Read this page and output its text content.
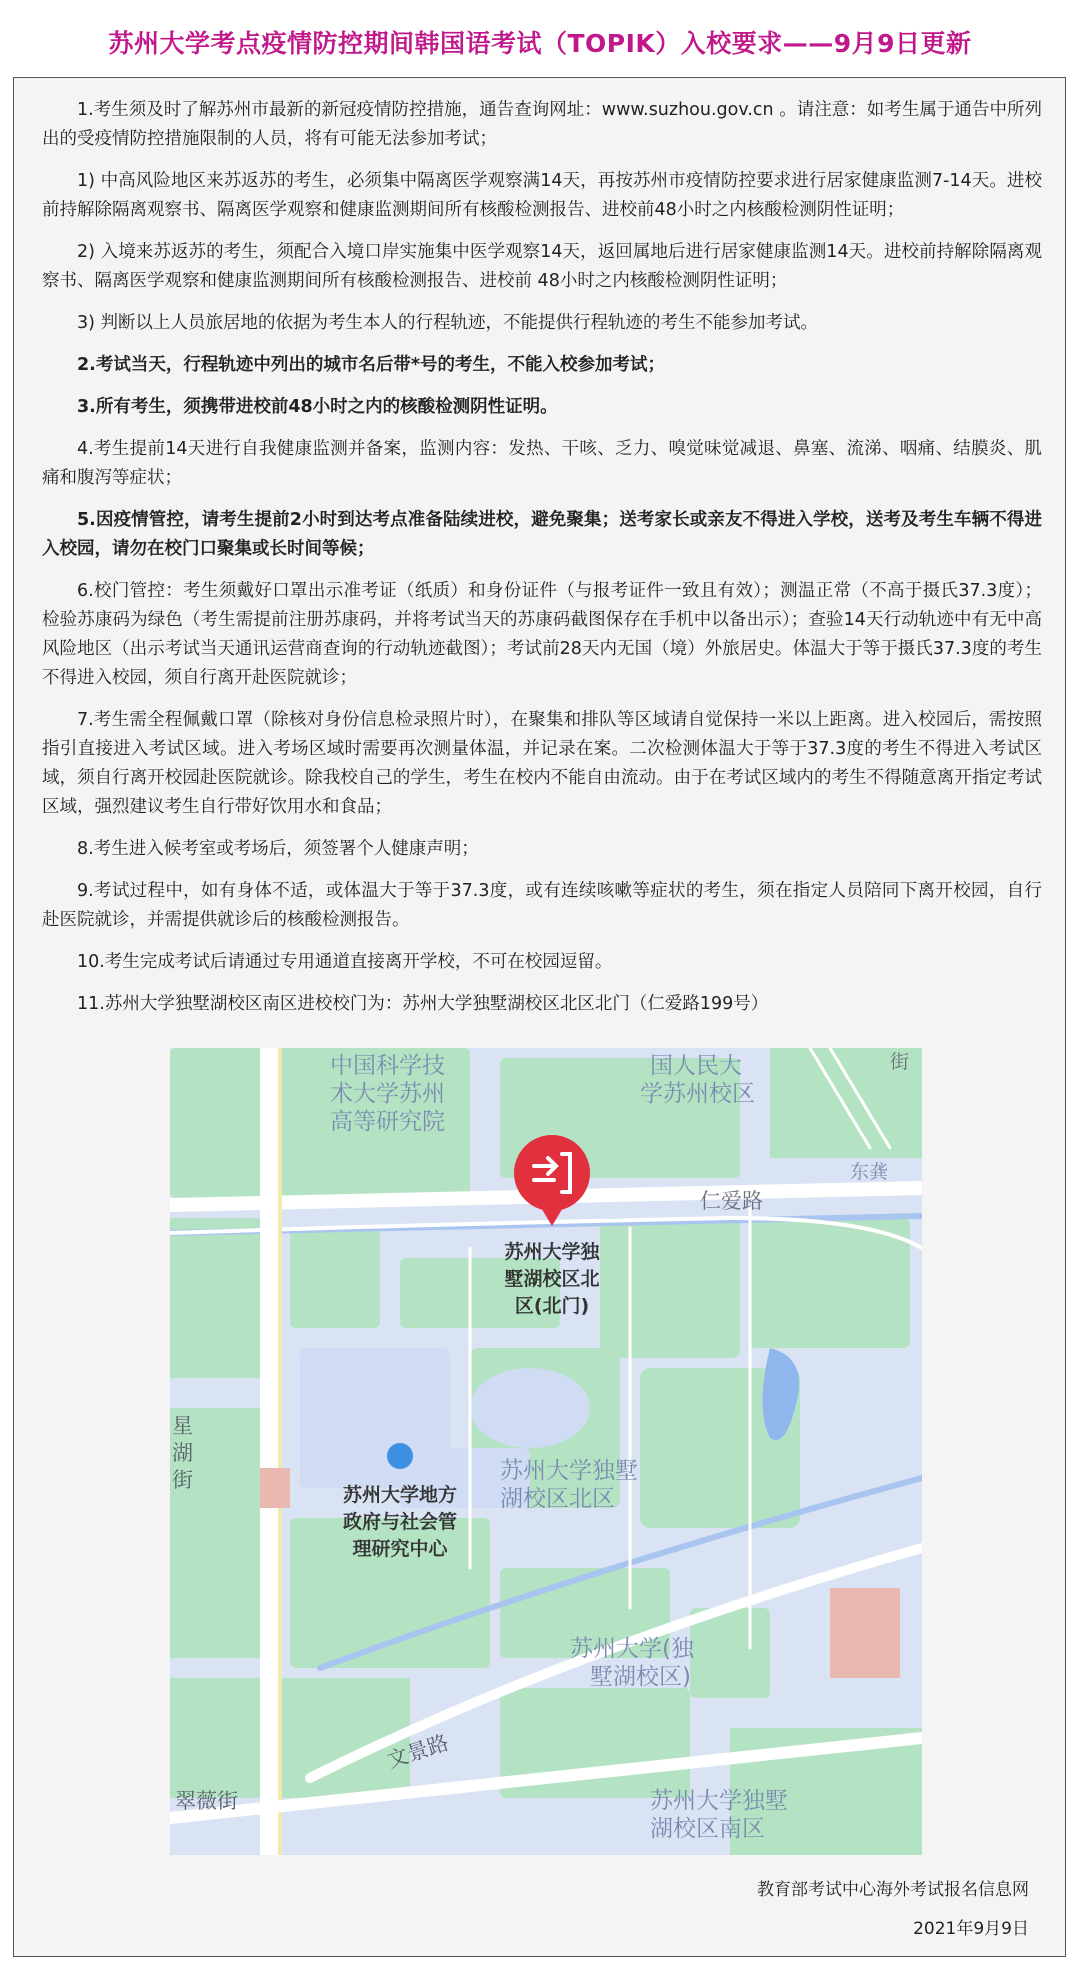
苏州大学考点疫情防控期间韩国语考试（TOPIK）入校要求——9月9日更新

1.考生须及时了解苏州市最新的新冠疫情防控措施，通告查询网址：www.suzhou.gov.cn 。请注意：如考生属于通告中所列出的受疫情防控措施限制的人员，将有可能无法参加考试；

1) 中高风险地区来苏返苏的考生，必须集中隔离医学观察满14天，再按苏州市疫情防控要求进行居家健康监测7-14天。进校前持解除隔离观察书、隔离医学观察和健康监测期间所有核酸检测报告、进校前48小时之内核酸检测阴性证明；

2) 入境来苏返苏的考生，须配合入境口岸实施集中医学观察14天，返回属地后进行居家健康监测14天。进校前持解除隔离观察书、隔离医学观察和健康监测期间所有核酸检测报告、进校前 48小时之内核酸检测阴性证明；

3) 判断以上人员旅居地的依据为考生本人的行程轨迹，不能提供行程轨迹的考生不能参加考试。

2.考试当天，行程轨迹中列出的城市名后带*号的考生，不能入校参加考试；

3.所有考生，须携带进校前48小时之内的核酸检测阴性证明。

4.考生提前14天进行自我健康监测并备案，监测内容：发热、干咳、乏力、嗅觉味觉减退、鼻塞、流涕、咽痛、结膜炎、肌痛和腹泻等症状；

5.因疫情管控，请考生提前2小时到达考点准备陆续进校，避免聚集；送考家长或亲友不得进入学校，送考及考生车辆不得进入校园，请勿在校门口聚集或长时间等候；

6.校门管控：考生须戴好口罩出示准考证（纸质）和身份证件（与报考证件一致且有效）；测温正常（不高于摄氏37.3度）；检验苏康码为绿色（考生需提前注册苏康码，并将考试当天的苏康码截图保存在手机中以备出示）；查验14天行动轨迹中有无中高风险地区（出示考试当天通讯运营商查询的行动轨迹截图）；考试前28天内无国（境）外旅居史。体温大于等于摄氏37.3度的考生不得进入校园，须自行离开赴医院就诊；

7.考生需全程佩戴口罩（除核对身份信息检录照片时），在聚集和排队等区域请自觉保持一米以上距离。进入校园后，需按照指引直接进入考试区域。进入考场区域时需要再次测量体温，并记录在案。二次检测体温大于等于37.3度的考生不得进入考试区域，须自行离开校园赴医院就诊。除我校自己的学生，考生在校内不能自由流动。由于在考试区域内的考生不得随意离开指定考试区域，强烈建议考生自行带好饮用水和食品；

8.考生进入候考室或考场后，须签署个人健康声明；

9.考试过程中，如有身体不适，或体温大于等于37.3度，或有连续咳嗽等症状的考生，须在指定人员陪同下离开校园，自行赴医院就诊，并需提供就诊后的核酸检测报告。

10.考生完成考试后请通过专用通道直接离开学校，不可在校园逗留。

11.苏州大学独墅湖校区南区进校校门为：苏州大学独墅湖校区北区北门（仁爱路199号）

中国科学技
术大学苏州
高等研究院
国人民大
学苏州校区
东龚
仁爱路
苏州大学独墅
湖校区北区
苏州大学(独
墅湖校区)
苏州大学独墅
湖校区南区
街
翠薇街
文景路
星
湖
街
苏州大学地方
政府与社会管
理研究中心
苏州大学独
墅湖校区北
区(北门)
教育部考试中心海外考试报名信息网
2021年9月9日
